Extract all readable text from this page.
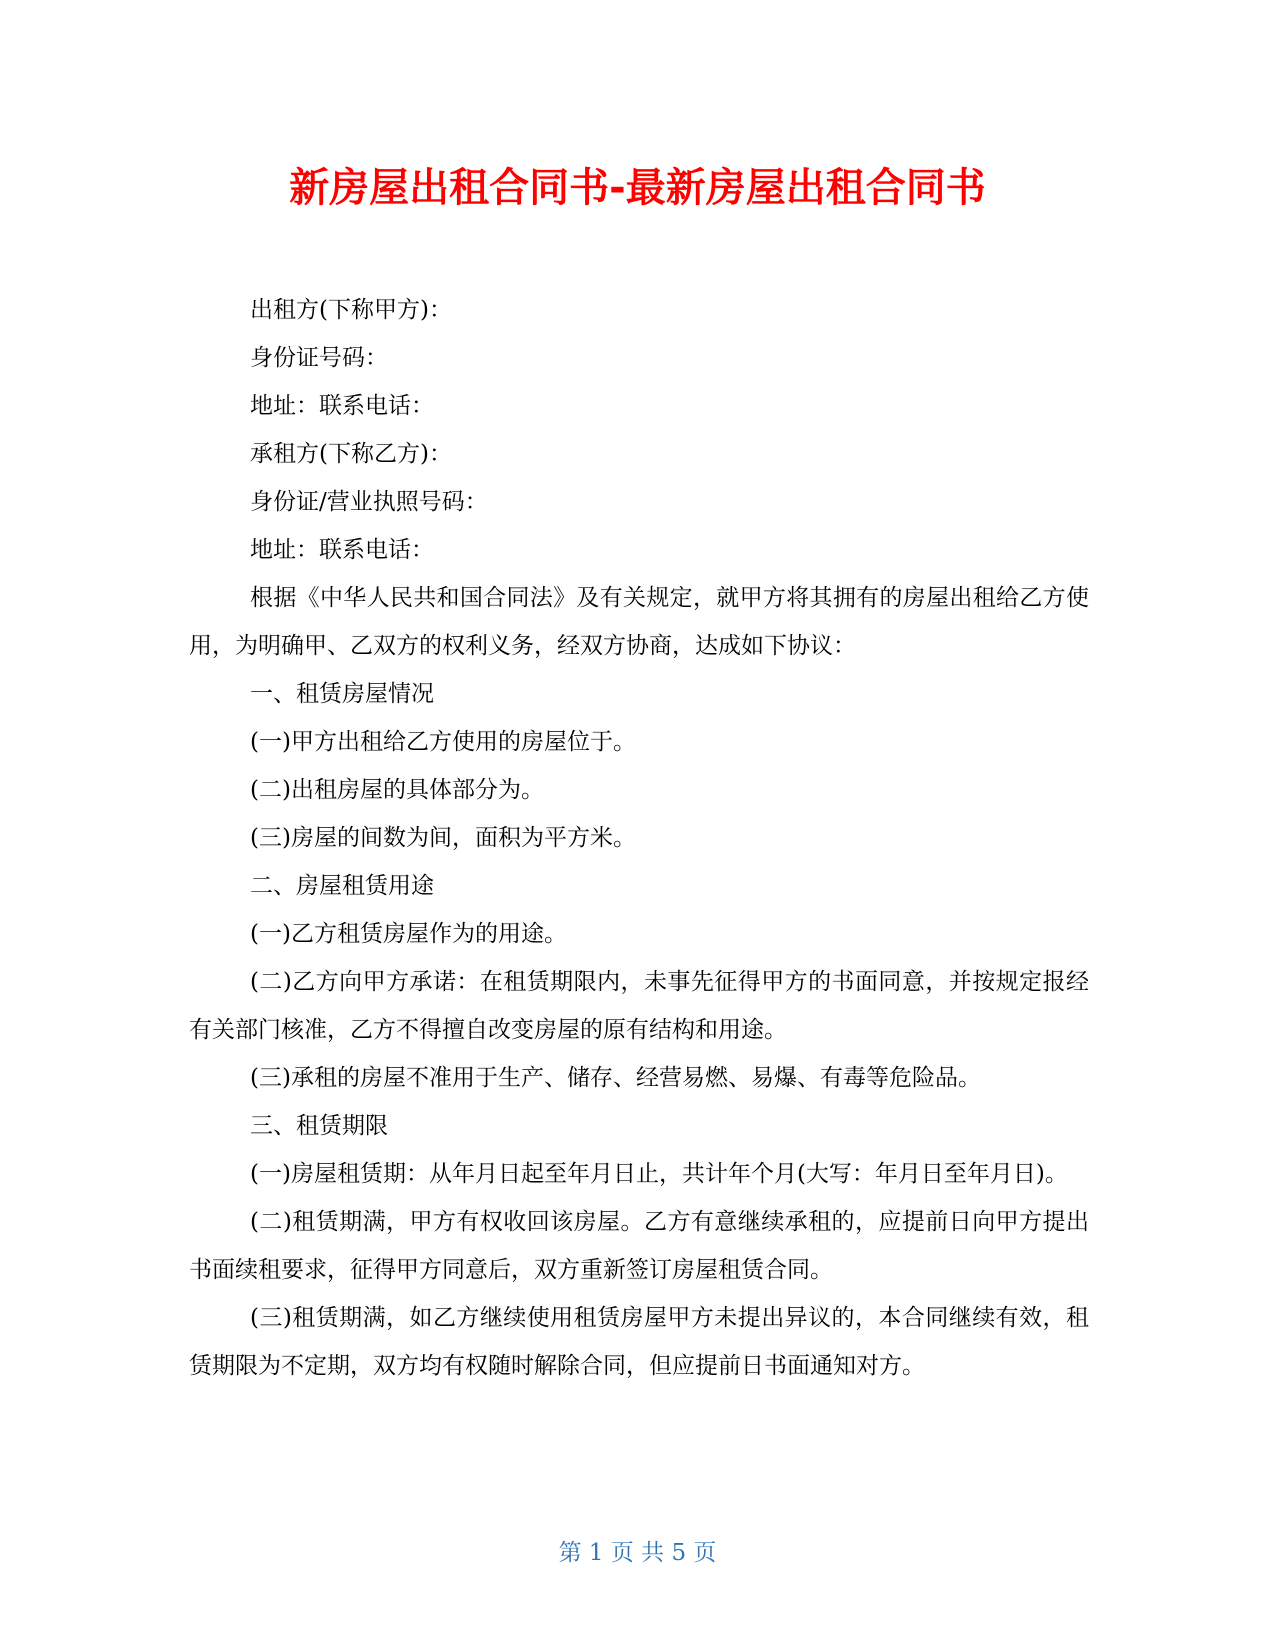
新房屋出租合同书-最新房屋出租合同书

出租方(下称甲方)：

身份证号码：

地址：联系电话：

承租方(下称乙方)：

身份证/营业执照号码：

地址：联系电话：

根据《中华人民共和国合同法》及有关规定，就甲方将其拥有的房屋出租给乙方使用，为明确甲、乙双方的权利义务，经双方协商，达成如下协议：

一、租赁房屋情况

(一)甲方出租给乙方使用的房屋位于。

(二)出租房屋的具体部分为。

(三)房屋的间数为间，面积为平方米。

二、房屋租赁用途

(一)乙方租赁房屋作为的用途。

(二)乙方向甲方承诺：在租赁期限内，未事先征得甲方的书面同意，并按规定报经有关部门核准，乙方不得擅自改变房屋的原有结构和用途。

(三)承租的房屋不准用于生产、储存、经营易燃、易爆、有毒等危险品。

三、租赁期限

(一)房屋租赁期：从年月日起至年月日止，共计年个月(大写：年月日至年月日)。

(二)租赁期满，甲方有权收回该房屋。乙方有意继续承租的，应提前日向甲方提出书面续租要求，征得甲方同意后，双方重新签订房屋租赁合同。

(三)租赁期满，如乙方继续使用租赁房屋甲方未提出异议的，本合同继续有效，租赁期限为不定期，双方均有权随时解除合同，但应提前日书面通知对方。

第 1 页 共 5 页
